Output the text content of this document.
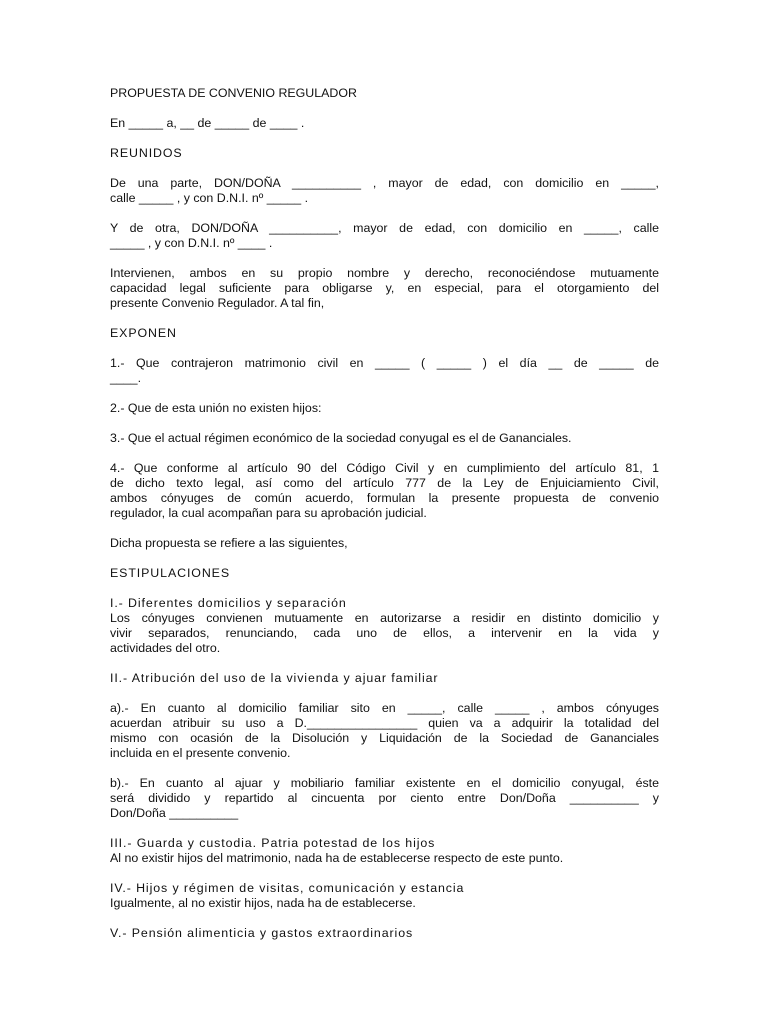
PROPUESTA DE CONVENIO REGULADOR

En _____ a, __ de _____ de ____ .

REUNIDOS

De una parte, DON/DOÑA __________ , mayor de edad, con domicilio en _____,

calle _____ , y con D.N.I. nº _____ .

Y de otra, DON/DOÑA __________, mayor de edad, con domicilio en _____, calle

_____ , y con D.N.I. nº ____ .

Intervienen, ambos en su propio nombre y derecho, reconociéndose mutuamente

capacidad legal suficiente para obligarse y, en especial, para el otorgamiento del

presente Convenio Regulador. A tal fin,

EXPONEN

1.- Que contrajeron matrimonio civil en _____ ( _____ ) el día __ de _____ de

____.

2.- Que de esta unión no existen hijos:

3.- Que el actual régimen económico de la sociedad conyugal es el de Gananciales.

4.- Que conforme al artículo 90 del Código Civil y en cumplimiento del artículo 81, 1

de dicho texto legal, así como del artículo 777 de la Ley de Enjuiciamiento Civil,

ambos cónyuges de común acuerdo, formulan la presente propuesta de convenio

regulador, la cual acompañan para su aprobación judicial.

Dicha propuesta se refiere a las siguientes,

ESTIPULACIONES

I.- Diferentes domicilios y separación

Los cónyuges convienen mutuamente en autorizarse a residir en distinto domicilio y

vivir separados, renunciando, cada uno de ellos, a intervenir en la vida y

actividades del otro.

II.- Atribución del uso de la vivienda y ajuar familiar

a).- En cuanto al domicilio familiar sito en _____, calle _____ , ambos cónyuges

acuerdan atribuir su uso a D.________________ quien va a adquirir la totalidad del

mismo con ocasión de la Disolución y Liquidación de la Sociedad de Gananciales

incluida en el presente convenio.

b).- En cuanto al ajuar y mobiliario familiar existente en el domicilio conyugal, éste

será dividido y repartido al cincuenta por ciento entre Don/Doña __________ y

Don/Doña __________

III.- Guarda y custodia. Patria potestad de los hijos

Al no existir hijos del matrimonio, nada ha de establecerse respecto de este punto.

IV.- Hijos y régimen de visitas, comunicación y estancia

Igualmente, al no existir hijos, nada ha de establecerse.

V.- Pensión alimenticia y gastos extraordinarios
